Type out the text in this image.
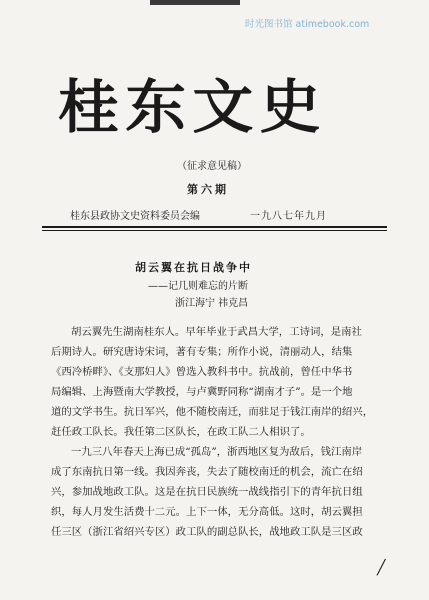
时光图书馆 atimebook.com
桂东文史
（征求意见稿）
第六期
桂东县政协文史资料委员会编	一九八七年九月
胡云翼在抗日战争中
——记几则难忘的片断
浙江海宁 祎克昌
胡云翼先生湖南桂东人。早年毕业于武昌大学，工诗词，是南社
后期诗人。研究唐诗宋词，著有专集；所作小说，清丽动人，结集
《西冷桥畔》、《支那妇人》曾选入教科书中。抗战前，曾任中华书
局编辑、上海暨南大学教授，与卢冀野同称“湖南才子”。是一个地
道的文学书生。抗日军兴，他不随校南迁，而驻足于钱江南岸的绍兴，
赶任政工队长。我任第二区队长，在政工队二人相识了。
一九三八年春天上海已成“孤岛”，浙西地区复为敌后，钱江南岸
成了东南抗日第一线。我因奔丧，失去了随校南迁的机会，流亡在绍
兴，参加战地政工队。这是在抗日民族统一战线指引下的青年抗日组
织，每人月发生活费十二元。上下一体，无分高低。这时，胡云翼担
任三区（浙江省绍兴专区）政工队的副总队长，战地政工队是三区政
╱
